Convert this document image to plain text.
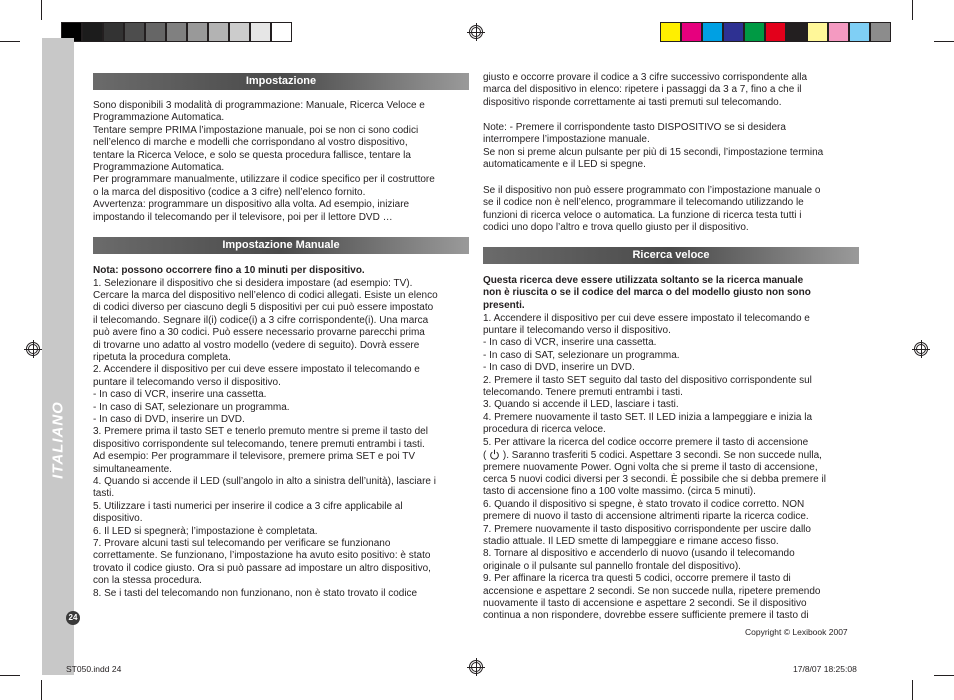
ITALIANO
24
Impostazione
Sono disponibili 3 modalità di programmazione: Manuale, Ricerca Veloce e
Programmazione Automatica.
Tentare sempre PRIMA l’impostazione manuale, poi se non ci sono codici
nell’elenco di marche e modelli che corrispondano al vostro dispositivo,
tentare la Ricerca Veloce, e solo se questa procedura fallisce, tentare la
Programmazione Automatica.
Per programmare manualmente, utilizzare il codice specifico per il costruttore
o la marca del dispositivo (codice a 3 cifre) nell’elenco fornito.
Avvertenza: programmare un dispositivo alla volta. Ad esempio, iniziare
impostando il telecomando per il televisore, poi per il lettore DVD …
Impostazione Manuale
Nota: possono occorrere fino a 10 minuti per dispositivo.
1. Selezionare il dispositivo che si desidera impostare (ad esempio: TV).
Cercare la marca del dispositivo nell’elenco di codici allegati. Esiste un elenco
di codici diverso per ciascuno degli 5 dispositivi per cui può essere impostato
il telecomando. Segnare il(i) codice(i) a 3 cifre corrispondente(i). Una marca
può avere fino a 30 codici. Può essere necessario provarne parecchi prima
di trovarne uno adatto al vostro modello (vedere di seguito). Dovrà essere
ripetuta la procedura completa.
2. Accendere il dispositivo per cui deve essere impostato il telecomando e
puntare il telecomando verso il dispositivo.
- In caso di VCR, inserire una cassetta.
- In caso di SAT, selezionare un programma.
- In caso di DVD, inserire un DVD.
3. Premere prima il tasto SET e tenerlo premuto mentre si preme il tasto del
dispositivo corrispondente sul telecomando, tenere premuti entrambi i tasti.
Ad esempio: Per programmare il televisore, premere prima SET e poi TV
simultaneamente.
4. Quando si accende il LED (sull’angolo in alto a sinistra dell’unità), lasciare i
tasti.
5. Utilizzare i tasti numerici per inserire il codice a 3 cifre applicabile al
dispositivo.
6. Il LED si spegnerà; l’impostazione è completata.
7. Provare alcuni tasti sul telecomando per verificare se funzionano
correttamente. Se funzionano, l’impostazione ha avuto esito positivo: è stato
trovato il codice giusto. Ora si può passare ad impostare un altro dispositivo,
con la stessa procedura.
8. Se i tasti del telecomando non funzionano, non è stato trovato il codice
giusto e occorre provare il codice a 3 cifre successivo corrispondente alla
marca del dispositivo in elenco: ripetere i passaggi da 3 a 7, fino a che il
dispositivo risponde correttamente ai tasti premuti sul telecomando.
Note: - Premere il corrispondente tasto DISPOSITIVO se si desidera
interrompere l’impostazione manuale.
Se non si preme alcun pulsante per più di 15 secondi, l’impostazione termina
automaticamente e il LED si spegne.
Se il dispositivo non può essere programmato con l’impostazione manuale o
se il codice non è nell’elenco, programmare il telecomando utilizzando le
funzioni di ricerca veloce o automatica. La funzione di ricerca testa tutti i
codici uno dopo l’altro e trova quello giusto per il dispositivo.
Ricerca veloce
Questa ricerca deve essere utilizzata soltanto se la ricerca manuale
non è riuscita o se il codice del marca o del modello giusto non sono
presenti.
1. Accendere il dispositivo per cui deve essere impostato il telecomando e
puntare il telecomando verso il dispositivo.
- In caso di VCR, inserire una cassetta.
- In caso di SAT, selezionare un programma.
- In caso di DVD, inserire un DVD.
2. Premere il tasto SET seguito dal tasto del dispositivo corrispondente sul
telecomando. Tenere premuti entrambi i tasti.
3. Quando si accende il LED, lasciare i tasti.
4. Premere nuovamente il tasto SET. Il LED inizia a lampeggiare e inizia la
procedura di ricerca veloce.
5. Per attivare la ricerca del codice occorre premere il tasto di accensione
(  ). Saranno trasferiti 5 codici. Aspettare 3 secondi. Se non succede nulla,
premere nuovamente Power. Ogni volta che si preme il tasto di accensione,
cerca 5 nuovi codici diversi per 3 secondi. È possibile che si debba premere il
tasto di accensione fino a 100 volte massimo. (circa 5 minuti).
6. Quando il dispositivo si spegne, è stato trovato il codice corretto. NON
premere di nuovo il tasto di accensione altrimenti riparte la ricerca codice.
7. Premere nuovamente il tasto dispositivo corrispondente per uscire dallo
stadio attuale. Il LED smette di lampeggiare e rimane acceso fisso.
8. Tornare al dispositivo e accenderlo di nuovo (usando il telecomando
originale o il pulsante sul pannello frontale del dispositivo).
9. Per affinare la ricerca tra questi 5 codici, occorre premere il tasto di
accensione e aspettare 2 secondi. Se non succede nulla, ripetere premendo
nuovamente il tasto di accensione e aspettare 2 secondi. Se il dispositivo
continua a non rispondere, dovrebbe essere sufficiente premere il tasto di
Copyright © Lexibook 2007
ST050.indd 24	17/8/07 18:25:08
